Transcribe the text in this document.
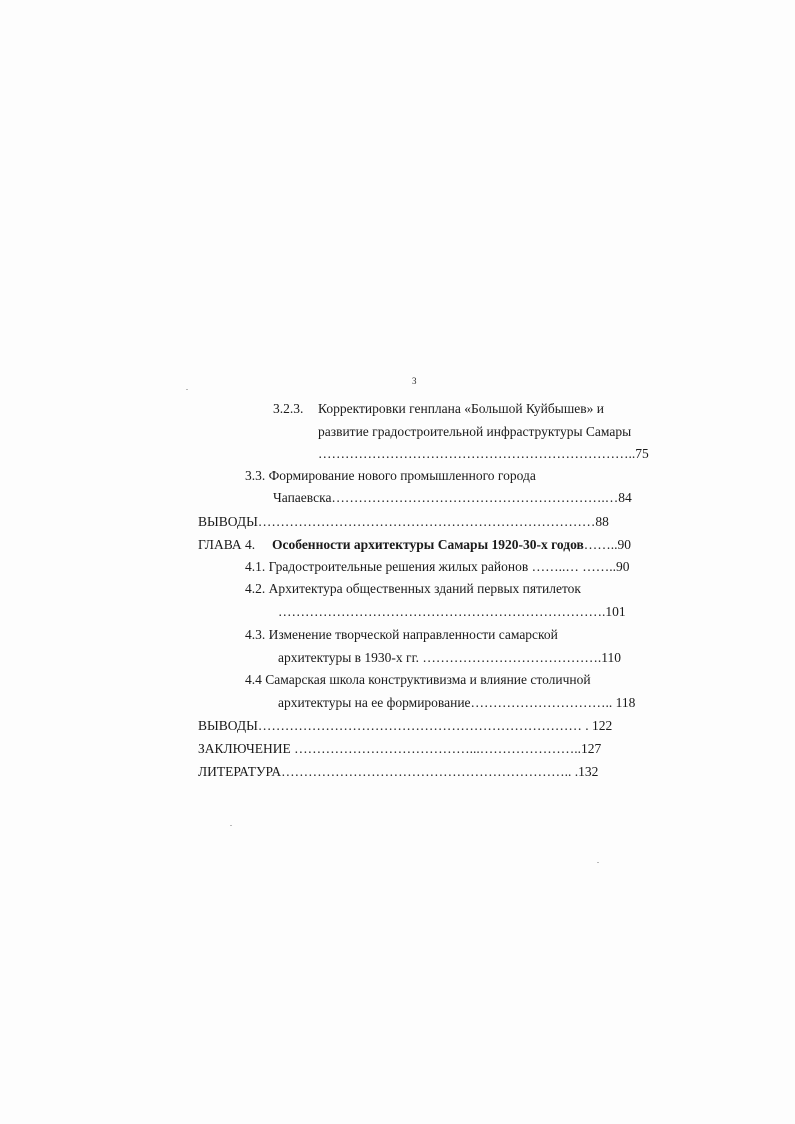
3
3.2.3. Корректировки генплана «Большой Куйбышев» и
развитие градостроительной инфраструктуры Самары
……………………………………………………………..75
3.3. Формирование нового промышленного города
Чапаевска…………………………………………………….…84
ВЫВОДЫ…………………………………………………………………88
ГЛАВА 4. Особенности архитектуры Самары 1920-30-х годов……..90
4.1. Градостроительные решения жилых районов ……..… ……..90
4.2. Архитектура общественных зданий первых пятилеток
……………………………………………………………….101
4.3. Изменение творческой направленности самарской
архитектуры в 1930-х гг. ………………………………….110
4.4 Самарская школа конструктивизма и влияние столичной
архитектуры на ее формирование………………………….. 118
ВЫВОДЫ……………………………………………………………… . 122
ЗАКЛЮЧЕНИЕ …………………………………...…………………..127
ЛИТЕРАТУРА……………………………………………………….. .132
